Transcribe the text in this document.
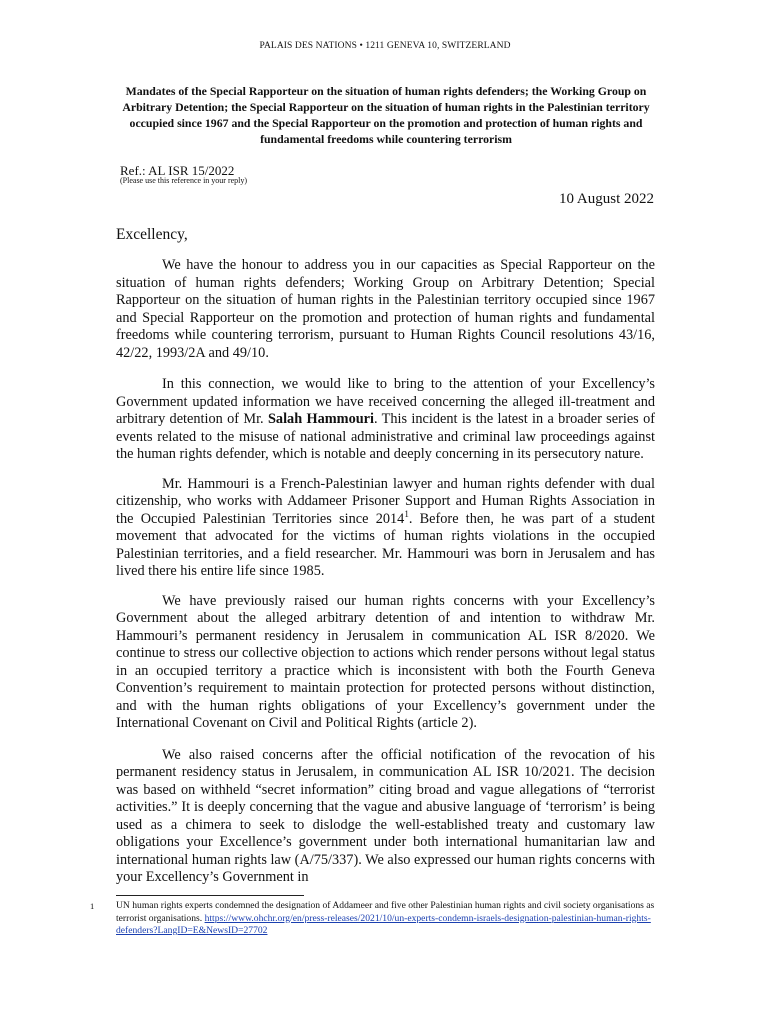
PALAIS DES NATIONS • 1211 GENEVA 10, SWITZERLAND
Mandates of the Special Rapporteur on the situation of human rights defenders; the Working Group on Arbitrary Detention; the Special Rapporteur on the situation of human rights in the Palestinian territory occupied since 1967 and the Special Rapporteur on the promotion and protection of human rights and fundamental freedoms while countering terrorism
Ref.: AL ISR 15/2022
(Please use this reference in your reply)
10 August 2022
Excellency,

We have the honour to address you in our capacities as Special Rapporteur on the situation of human rights defenders; Working Group on Arbitrary Detention; Special Rapporteur on the situation of human rights in the Palestinian territory occupied since 1967 and Special Rapporteur on the promotion and protection of human rights and fundamental freedoms while countering terrorism, pursuant to Human Rights Council resolutions 43/16, 42/22, 1993/2A and 49/10.

In this connection, we would like to bring to the attention of your Excellency’s Government updated information we have received concerning the alleged ill-treatment and arbitrary detention of Mr. Salah Hammouri. This incident is the latest in a broader series of events related to the misuse of national administrative and criminal law proceedings against the human rights defender, which is notable and deeply concerning in its persecutory nature.

Mr. Hammouri is a French-Palestinian lawyer and human rights defender with dual citizenship, who works with Addameer Prisoner Support and Human Rights Association in the Occupied Palestinian Territories since 2014$^1$. Before then, he was part of a student movement that advocated for the victims of human rights violations in the occupied Palestinian territories, and a field researcher. Mr. Hammouri was born in Jerusalem and has lived there his entire life since 1985.

We have previously raised our human rights concerns with your Excellency’s Government about the alleged arbitrary detention of and intention to withdraw Mr. Hammouri’s permanent residency in Jerusalem in communication AL ISR 8/2020. We continue to stress our collective objection to actions which render persons without legal status in an occupied territory a practice which is inconsistent with both the Fourth Geneva Convention’s requirement to maintain protection for protected persons without distinction, and with the human rights obligations of your Excellency’s government under the International Covenant on Civil and Political Rights (article 2).

We also raised concerns after the official notification of the revocation of his permanent residency status in Jerusalem, in communication AL ISR 10/2021. The decision was based on withheld “secret information” citing broad and vague allegations of “terrorist activities.” It is deeply concerning that the vague and abusive language of ‘terrorism’ is being used as a chimera to seek to dislodge the well-established treaty and customary law obligations your Excellence’s government under both international humanitarian law and international human rights law (A/75/337). We also expressed our human rights concerns with your Excellency’s Government in

1 UN human rights experts condemned the designation of Addameer and five other Palestinian human rights and civil society organisations as terrorist organisations. https://www.ohchr.org/en/press-releases/2021/10/un-experts-condemn-israels-designation-palestinian-human-rights-defenders?LangID=E&NewsID=27702
